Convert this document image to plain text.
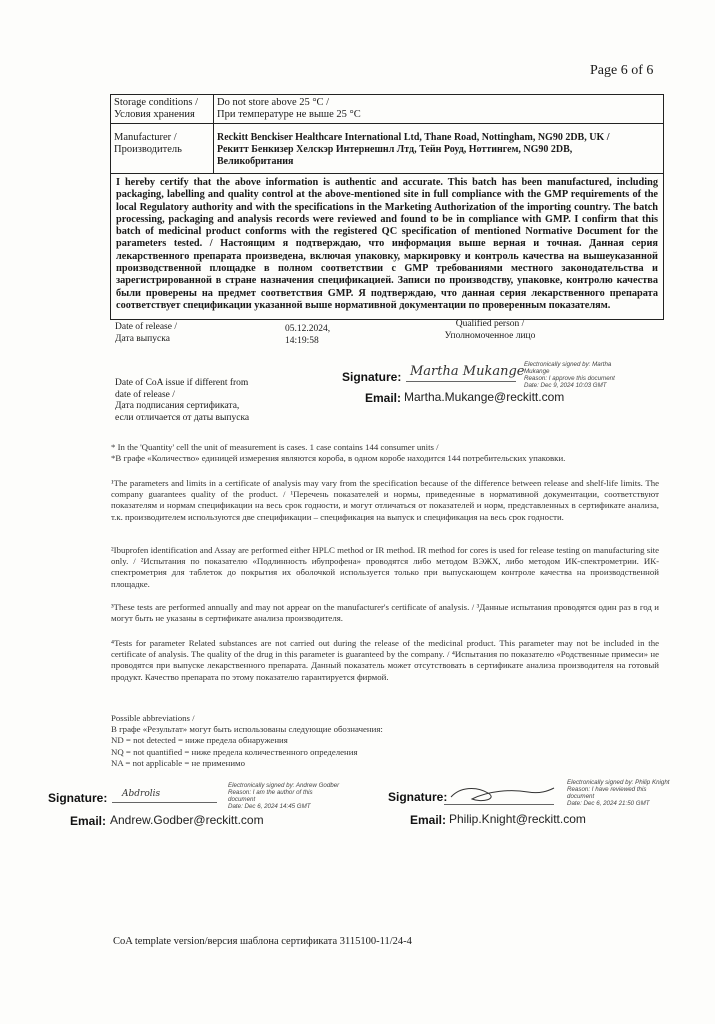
Page 6 of 6
Storage conditions /
Условия хранения
Do not store above 25 °C /
При температуре не выше 25 °C
Manufacturer /
Производитель
Reckitt Benckiser Healthcare International Ltd, Thane Road, Nottingham, NG90 2DB, UK /
Рекитт Бенкизер Хелскэр Интернешнл Лтд, Тейн Роуд, Ноттингем, NG90 2DB,
Великобритания

I hereby certify that the above information is authentic and accurate. This batch has been manufactured, including packaging, labelling and quality control at the above-mentioned site in full compliance with the GMP requirements of the local Regulatory authority and with the specifications in the Marketing Authorization of the importing country. The batch processing, packaging and analysis records were reviewed and found to be in compliance with GMP. I confirm that this batch of medicinal product conforms with the registered QC specification of mentioned Normative Document for the parameters tested. / Настоящим я подтверждаю, что информация выше верная и точная. Данная серия лекарственного препарата произведена, включая упаковку, маркировку и контроль качества на вышеуказанной производственной площадке в полном соответствии с GMP требованиями местного законодательства и зарегистрированной в стране назначения спецификацией. Записи по производству, упаковке, контролю качества были проверены на предмет соответствия GMP. Я подтверждаю, что данная серия лекарственного препарата соответствует спецификации указанной выше нормативной документации по проверенным показателям.

Date of release /
Дата выпуска
05.12.2024,
14:19:58
Qualified person /
Уполномоченное лицо
Date of CoA issue if different from
date of release /
Дата подписания сертификата,
если отличается от даты выпуска
Signature: Martha Mukange Electronically signed by: Martha
Mukange
Reason: I approve this document
Date: Dec 9, 2024 10:03 GMT
Email: Martha.Mukange@reckitt.com

* In the 'Quantity' cell the unit of measurement is cases. 1 case contains 144 consumer units /

*В графе «Количество» единицей измерения являются короба, в одном коробе находится 144 потребительских упаковки.

¹The parameters and limits in a certificate of analysis may vary from the specification because of the difference between release and shelf-life limits. The company guarantees quality of the product. / ¹Перечень показателей и нормы, приведенные в нормативной документации, соответствуют показателям и нормам спецификации на весь срок годности, и могут отличаться от показателей и норм, представленных в сертификате анализа, т.к. производителем используются две спецификации – спецификация на выпуск и спецификация на весь срок годности.

²Ibuprofen identification and Assay are performed either HPLC method or IR method. IR method for cores is used for release testing on manufacturing site only. / ²Испытания по показателю «Подлинность ибупрофена» проводятся либо методом ВЭЖХ, либо методом ИК-спектрометрии. ИК-спектрометрия для таблеток до покрытия их оболочкой используется только при выпускающем контроле качества на производственной площадке.

³These tests are performed annually and may not appear on the manufacturer's certificate of analysis. / ³Данные испытания проводятся один раз в год и могут быть не указаны в сертификате анализа производителя.

⁴Tests for parameter Related substances are not carried out during the release of the medicinal product. This parameter may not be included in the certificate of analysis. The quality of the drug in this parameter is guaranteed by the company. / ⁴Испытания по показателю «Родственные примеси» не проводятся при выпуске лекарственного препарата. Данный показатель может отсутствовать в сертификате анализа производителя на готовый продукт. Качество препарата по этому показателю гарантируется фирмой.

Possible abbreviations /

В графе «Результат» могут быть использованы следующие обозначения:

ND = not detected = ниже предела обнаружения

NQ = not quantified = ниже предела количественного определения

NA = not applicable = не применимо

Signature: Abdrolis
Electronically signed by: Andrew Godber
Reason: I am the author of this
document
Date: Dec 6, 2024 14:45 GMT
Email: Andrew.Godber@reckitt.com
Signature:
Electronically signed by: Philip Knight
Reason: I have reviewed this
document
Date: Dec 6, 2024 21:50 GMT
Email: Philip.Knight@reckitt.com
CoA template version/версия шаблона сертификата 3115100-11/24-4
